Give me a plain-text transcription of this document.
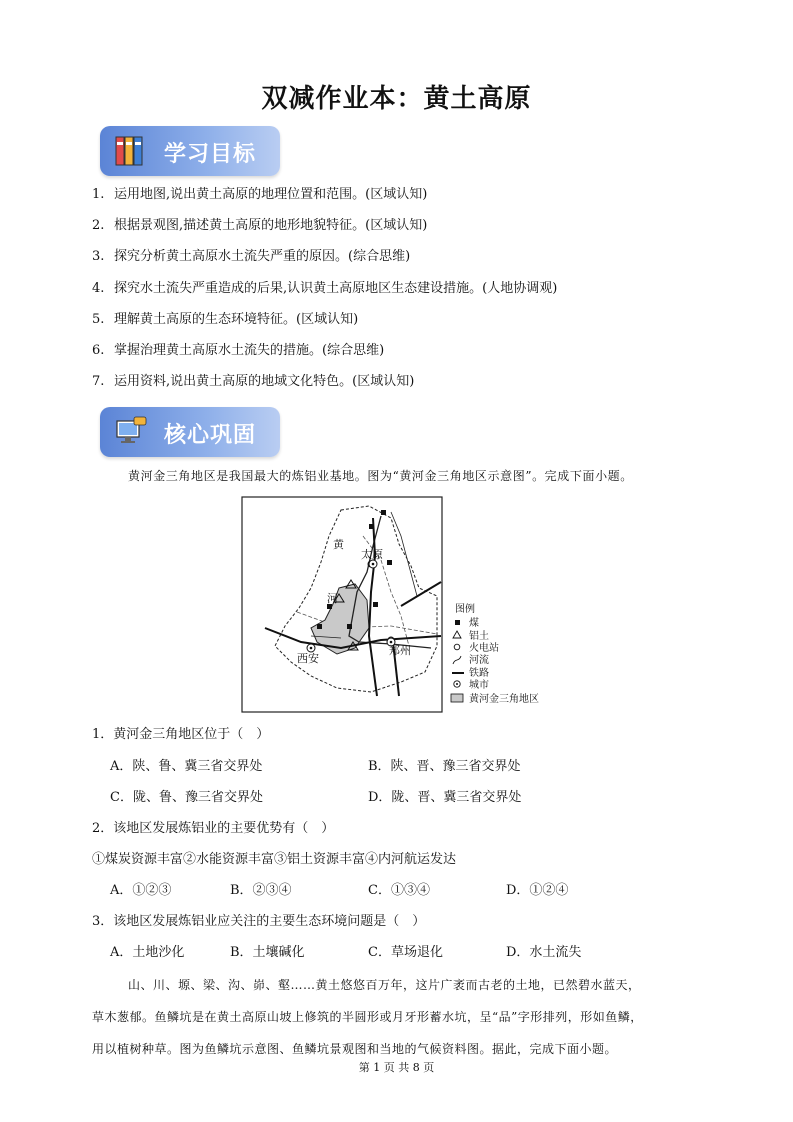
双减作业本：黄土高原
学习目标
1. 运用地图,说出黄土高原的地理位置和范围。(区域认知)
2. 根据景观图,描述黄土高原的地形地貌特征。(区域认知)
3. 探究分析黄土高原水土流失严重的原因。(综合思维)
4. 探究水土流失严重造成的后果,认识黄土高原地区生态建设措施。(人地协调观)
5. 理解黄土高原的生态环境特征。(区域认知)
6. 掌握治理黄土高原水土流失的措施。(综合思维)
7. 运用资料,说出黄土高原的地域文化特色。(区域认知)
核心巩固
黄河金三角地区是我国最大的炼铝业基地。图为“黄河金三角地区示意图”。完成下面小题。
黄
河
太原
西安
郑州
图例
煤
铝土
火电站
河流
铁路
城市
黄河金三角地区
1．黄河金三角地区位于（　）
A．陕、鲁、冀三省交界处	B．陕、晋、豫三省交界处
C．陇、鲁、豫三省交界处	D．陇、晋、冀三省交界处
2．该地区发展炼铝业的主要优势有（　）
①煤炭资源丰富②水能资源丰富③铝土资源丰富④内河航运发达
A．①②③	B．②③④	C．①③④	D．①②④
3．该地区发展炼铝业应关注的主要生态环境问题是（　）
A．土地沙化	B．土壤碱化	C．草场退化	D．水土流失
山、川、塬、梁、沟、峁、壑……黄土悠悠百万年，这片广袤而古老的土地，已然碧水蓝天，
草木葱郁。鱼鳞坑是在黄土高原山坡上修筑的半圆形或月牙形蓄水坑，呈“品”字形排列，形如鱼鳞，
用以植树种草。图为鱼鳞坑示意图、鱼鳞坑景观图和当地的气候资料图。据此，完成下面小题。
第 1 页 共 8 页
